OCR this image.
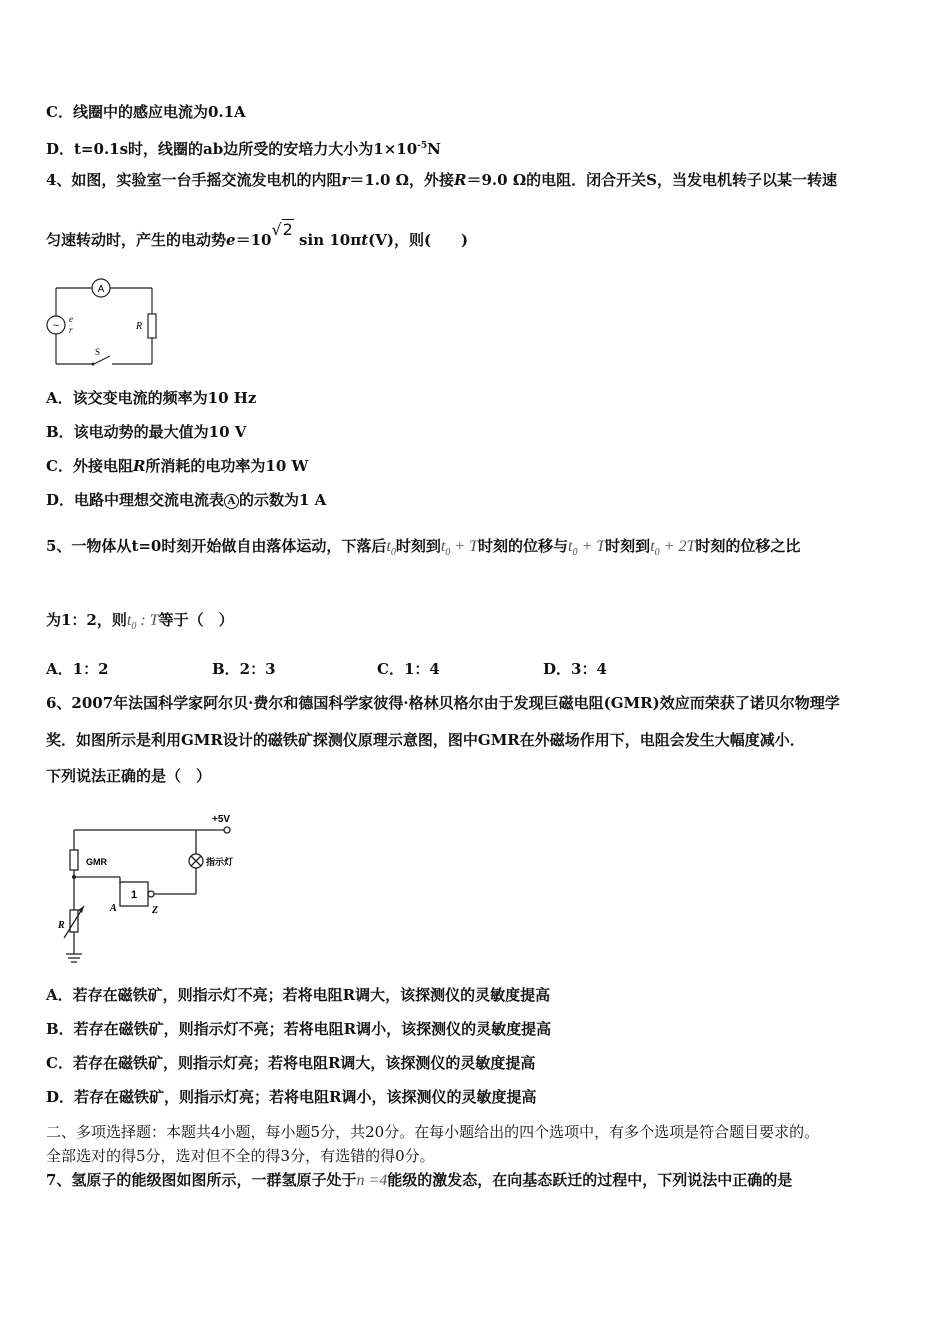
C．线圈中的感应电流为0.1A
D．t=0.1s时，线圈的ab边所受的安培力大小为$1\times 10^{-5}N$
4、如图，实验室一台手摇交流发电机的内阻r＝1.0 Ω，外接R＝9.0 Ω的电阻．闭合开关S，当发电机转子以某一转速
匀速转动时，产生的电动势e＝10√2 sin 10πt(V)，则(　　)
A
~
e
r	R
S
A．该交变电流的频率为10 Hz
B．该电动势的最大值为10 V
C．外接电阻R所消耗的电功率为10 W
D．电路中理想交流电流表 A 的示数为1 A
5、一物体从t=0时刻开始做自由落体运动，下落后$t_0$时刻到$t_0 + T$时刻的位移与$t_0 + T$时刻到$t_0 + 2T$时刻的位移之比
为1：2，则$t_0$ : T等于（　）
A．1：2	B．2：3	C．1：4	D．3：4
6、2007年法国科学家阿尔贝·费尔和德国科学家彼得·格林贝格尔由于发现巨磁电阻(GMR)效应而荣获了诺贝尔物理学
奖．如图所示是利用GMR设计的磁铁矿探测仪原理示意图，图中GMR在外磁场作用下，电阻会发生大幅度减小．
下列说法正确的是（　）
+5V
GMR	指示灯
1
A	Z
R
A．若存在磁铁矿，则指示灯不亮；若将电阻R调大，该探测仪的灵敏度提高
B．若存在磁铁矿，则指示灯不亮；若将电阻R调小，该探测仪的灵敏度提高
C．若存在磁铁矿，则指示灯亮；若将电阻R调大，该探测仪的灵敏度提高
D．若存在磁铁矿，则指示灯亮；若将电阻R调小，该探测仪的灵敏度提高
二、多项选择题：本题共4小题，每小题5分，共20分。在每小题给出的四个选项中，有多个选项是符合题目要求的。
全部选对的得5分，选对但不全的得3分，有选错的得0分。
7、氢原子的能级图如图所示，一群氢原子处于n =4能级的激发态，在向基态跃迁的过程中，下列说法中正确的是
